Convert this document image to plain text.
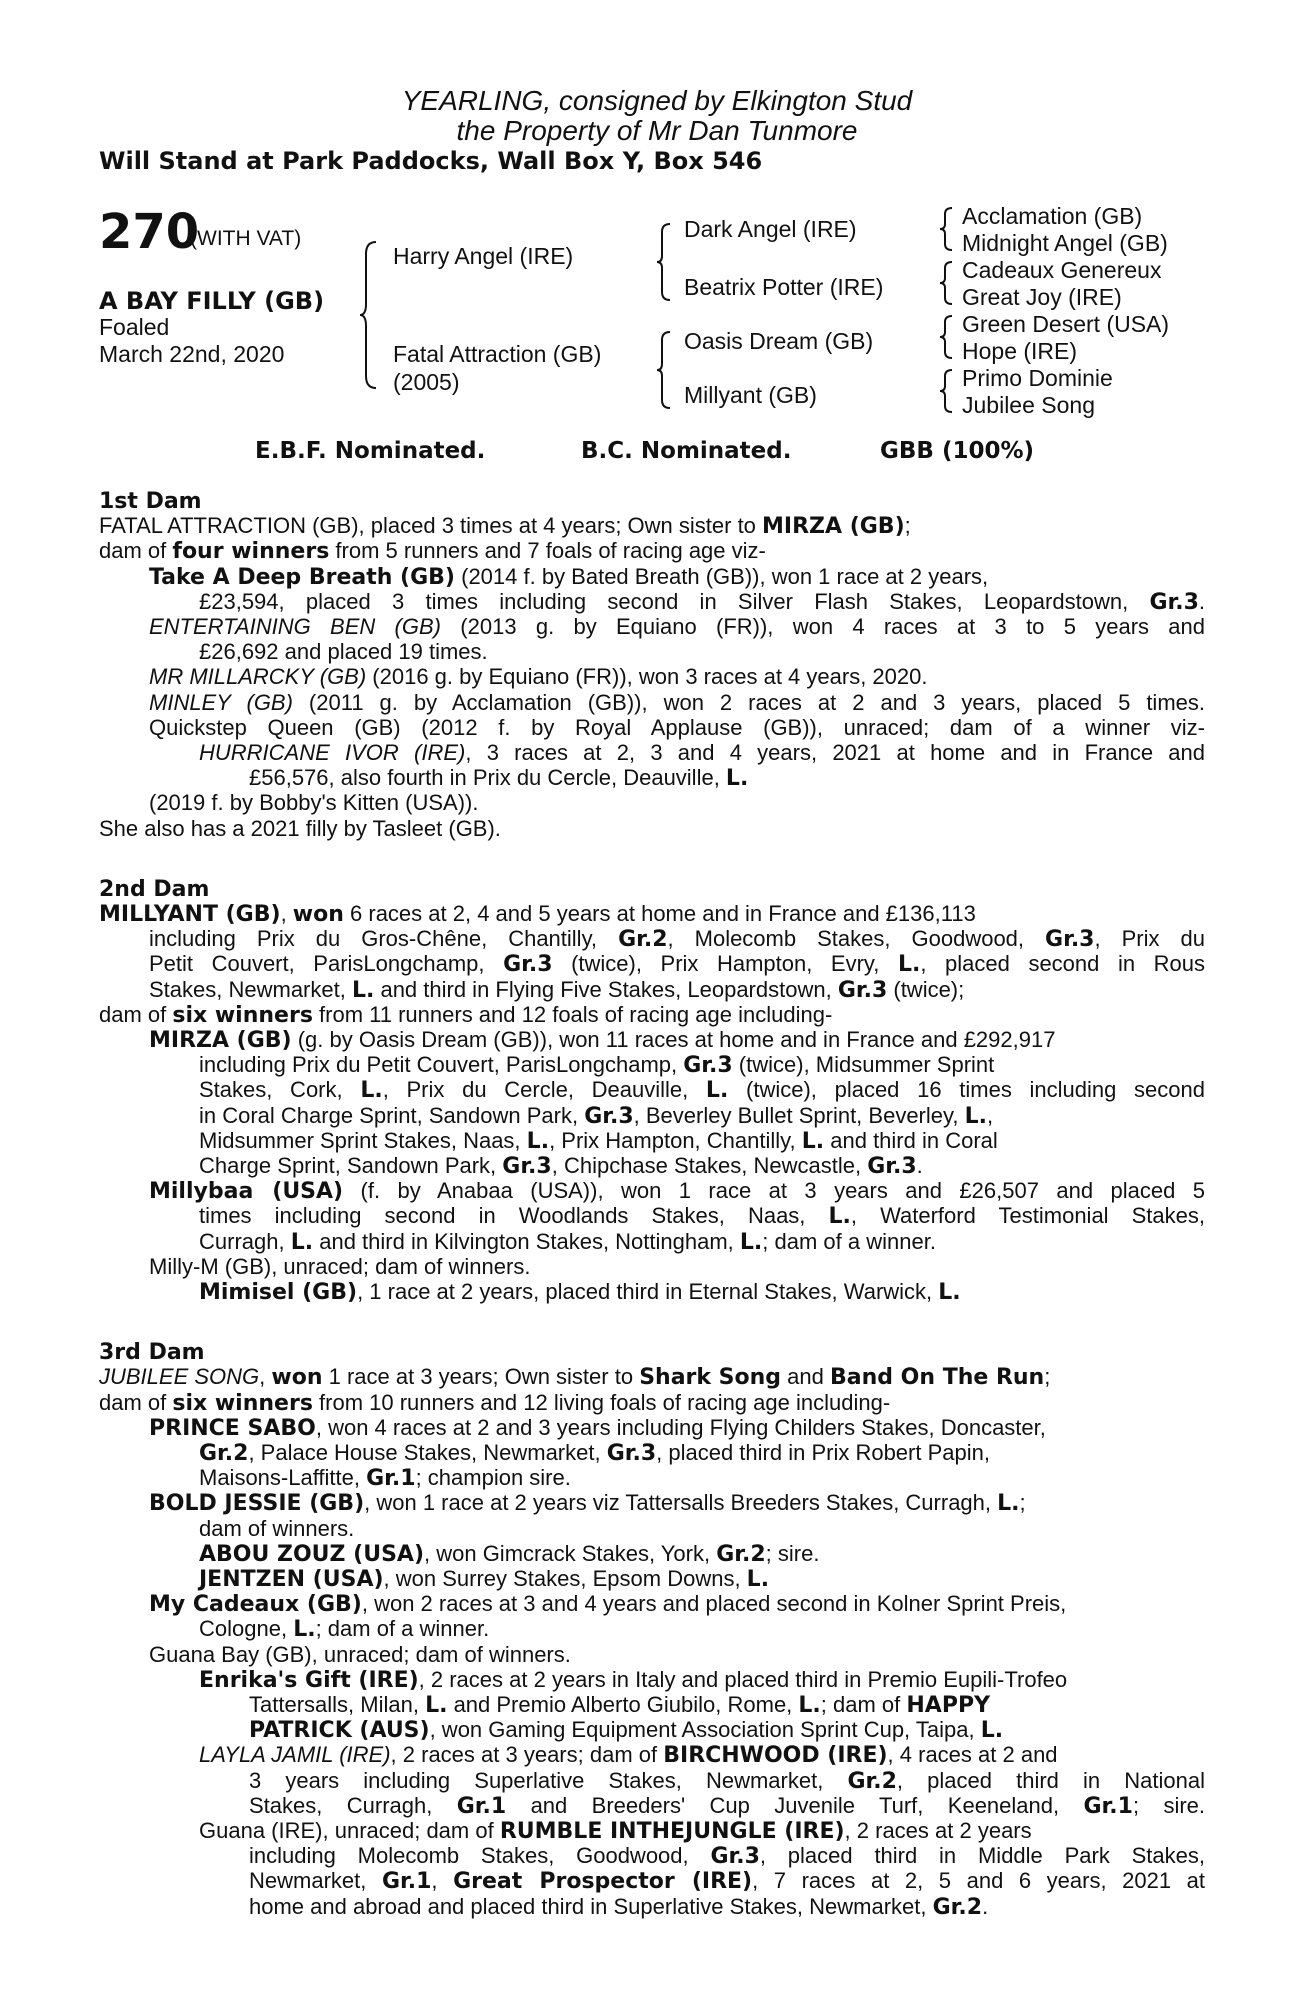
YEARLING, consigned by Elkington Stud
the Property of Mr Dan Tunmore
Will Stand at Park Paddocks, Wall Box Y, Box 546
270
(WITH VAT)
A BAY FILLY (GB)
Foaled
March 22nd, 2020
Harry Angel (IRE)
Fatal Attraction (GB)
(2005)
Dark Angel (IRE)
Beatrix Potter (IRE)
Oasis Dream (GB)
Millyant (GB)
Acclamation (GB)
Midnight Angel (GB)
Cadeaux Genereux
Great Joy (IRE)
Green Desert (USA)
Hope (IRE)
Primo Dominie
Jubilee Song
E.B.F. Nominated.	B.C. Nominated.	GBB (100%)
1st Dam
FATAL ATTRACTION (GB), placed 3 times at 4 years; Own sister to MIRZA (GB);
dam of four winners from 5 runners and 7 foals of racing age viz-
Take A Deep Breath (GB) (2014 f. by Bated Breath (GB)), won 1 race at 2 years,
£23,594, placed 3 times including second in Silver Flash Stakes, Leopardstown, Gr.3.
ENTERTAINING BEN (GB) (2013 g. by Equiano (FR)), won 4 races at 3 to 5 years and
£26,692 and placed 19 times.
MR MILLARCKY (GB) (2016 g. by Equiano (FR)), won 3 races at 4 years, 2020.
MINLEY (GB) (2011 g. by Acclamation (GB)), won 2 races at 2 and 3 years, placed 5 times.
Quickstep Queen (GB) (2012 f. by Royal Applause (GB)), unraced; dam of a winner viz-
HURRICANE IVOR (IRE), 3 races at 2, 3 and 4 years, 2021 at home and in France and
£56,576, also fourth in Prix du Cercle, Deauville, L.
(2019 f. by Bobby's Kitten (USA)).
She also has a 2021 filly by Tasleet (GB).
2nd Dam
MILLYANT (GB), won 6 races at 2, 4 and 5 years at home and in France and £136,113
including Prix du Gros-Chêne, Chantilly, Gr.2, Molecomb Stakes, Goodwood, Gr.3, Prix du
Petit Couvert, ParisLongchamp, Gr.3 (twice), Prix Hampton, Evry, L., placed second in Rous
Stakes, Newmarket, L. and third in Flying Five Stakes, Leopardstown, Gr.3 (twice);
dam of six winners from 11 runners and 12 foals of racing age including-
MIRZA (GB) (g. by Oasis Dream (GB)), won 11 races at home and in France and £292,917
including Prix du Petit Couvert, ParisLongchamp, Gr.3 (twice), Midsummer Sprint
Stakes, Cork, L., Prix du Cercle, Deauville, L. (twice), placed 16 times including second
in Coral Charge Sprint, Sandown Park, Gr.3, Beverley Bullet Sprint, Beverley, L.,
Midsummer Sprint Stakes, Naas, L., Prix Hampton, Chantilly, L. and third in Coral
Charge Sprint, Sandown Park, Gr.3, Chipchase Stakes, Newcastle, Gr.3.
Millybaa (USA) (f. by Anabaa (USA)), won 1 race at 3 years and £26,507 and placed 5
times including second in Woodlands Stakes, Naas, L., Waterford Testimonial Stakes,
Curragh, L. and third in Kilvington Stakes, Nottingham, L.; dam of a winner.
Milly-M (GB), unraced; dam of winners.
Mimisel (GB), 1 race at 2 years, placed third in Eternal Stakes, Warwick, L.
3rd Dam
JUBILEE SONG, won 1 race at 3 years; Own sister to Shark Song and Band On The Run;
dam of six winners from 10 runners and 12 living foals of racing age including-
PRINCE SABO, won 4 races at 2 and 3 years including Flying Childers Stakes, Doncaster,
Gr.2, Palace House Stakes, Newmarket, Gr.3, placed third in Prix Robert Papin,
Maisons-Laffitte, Gr.1; champion sire.
BOLD JESSIE (GB), won 1 race at 2 years viz Tattersalls Breeders Stakes, Curragh, L.;
dam of winners.
ABOU ZOUZ (USA), won Gimcrack Stakes, York, Gr.2; sire.
JENTZEN (USA), won Surrey Stakes, Epsom Downs, L.
My Cadeaux (GB), won 2 races at 3 and 4 years and placed second in Kolner Sprint Preis,
Cologne, L.; dam of a winner.
Guana Bay (GB), unraced; dam of winners.
Enrika's Gift (IRE), 2 races at 2 years in Italy and placed third in Premio Eupili-Trofeo
Tattersalls, Milan, L. and Premio Alberto Giubilo, Rome, L.; dam of HAPPY
PATRICK (AUS), won Gaming Equipment Association Sprint Cup, Taipa, L.
LAYLA JAMIL (IRE), 2 races at 3 years; dam of BIRCHWOOD (IRE), 4 races at 2 and
3 years including Superlative Stakes, Newmarket, Gr.2, placed third in National
Stakes, Curragh, Gr.1 and Breeders' Cup Juvenile Turf, Keeneland, Gr.1; sire.
Guana (IRE), unraced; dam of RUMBLE INTHEJUNGLE (IRE), 2 races at 2 years
including Molecomb Stakes, Goodwood, Gr.3, placed third in Middle Park Stakes,
Newmarket, Gr.1, Great Prospector (IRE), 7 races at 2, 5 and 6 years, 2021 at
home and abroad and placed third in Superlative Stakes, Newmarket, Gr.2.
